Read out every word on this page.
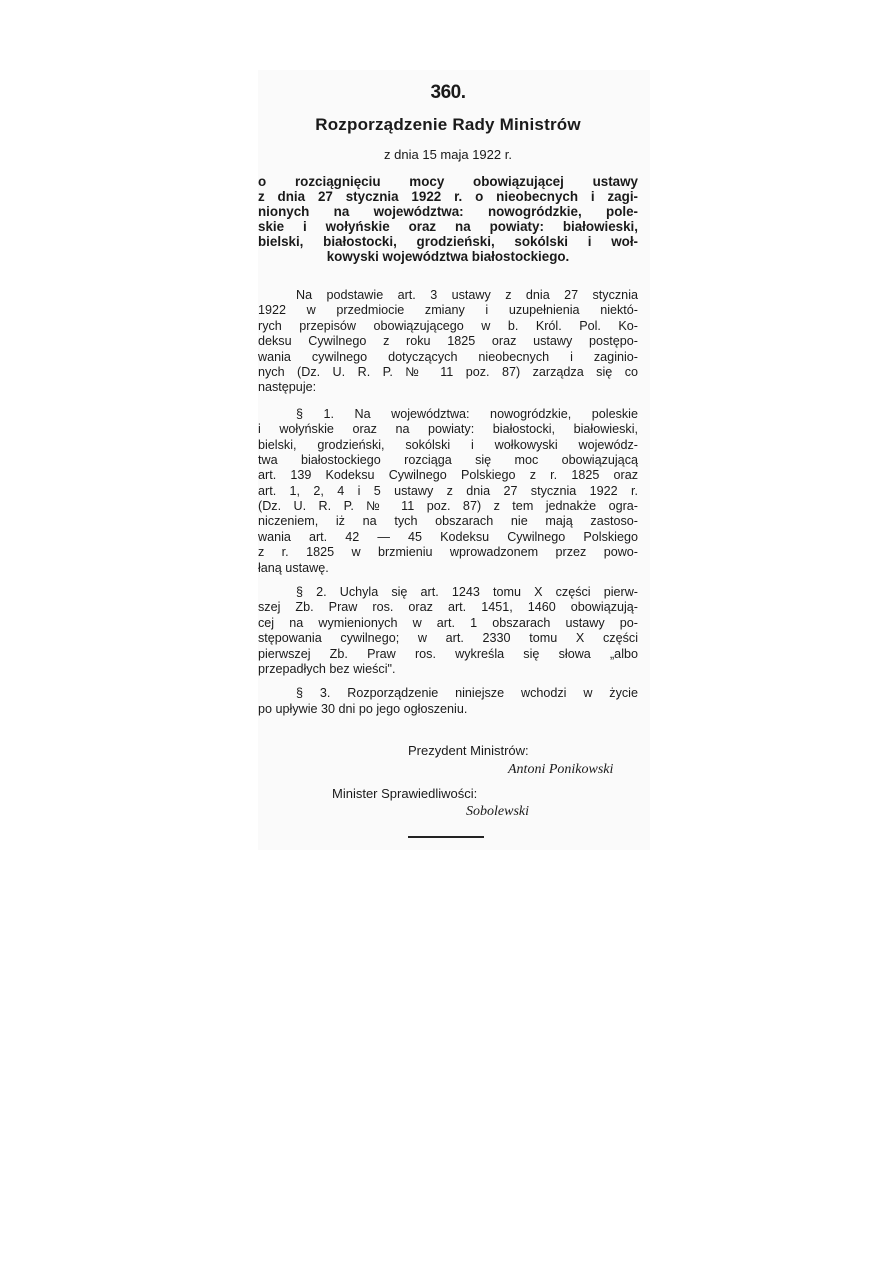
360.
Rozporządzenie Rady Ministrów
z dnia 15 maja 1922 r.
o rozciągnięciu mocy obowiązującej ustawy
z dnia 27 stycznia 1922 r. o nieobecnych i zagi-
nionych na województwa: nowogródzkie, pole-
skie i wołyńskie oraz na powiaty: białowieski,
bielski, białostocki, grodzieński, sokólski i woł-
kowyski województwa białostockiego.
Na podstawie art. 3 ustawy z dnia 27 stycznia
1922 w przedmiocie zmiany i uzupełnienia niektó-
rych przepisów obowiązującego w b. Król. Pol. Ko-
deksu Cywilnego z roku 1825 oraz ustawy postępo-
wania cywilnego dotyczących nieobecnych i zaginio-
nych (Dz. U. R. P. № 11 poz. 87) zarządza się co
następuje:
§ 1. Na województwa: nowogródzkie, poleskie
i wołyńskie oraz na powiaty: białostocki, białowieski,
bielski, grodzieński, sokólski i wołkowyski wojewódz-
twa białostockiego rozciąga się moc obowiązującą
art. 139 Kodeksu Cywilnego Polskiego z r. 1825 oraz
art. 1, 2, 4 i 5 ustawy z dnia 27 stycznia 1922 r.
(Dz. U. R. P. № 11 poz. 87) z tem jednakże ogra-
niczeniem, iż na tych obszarach nie mają zastoso-
wania art. 42 — 45 Kodeksu Cywilnego Polskiego
z r. 1825 w brzmieniu wprowadzonem przez powo-
łaną ustawę.
§ 2. Uchyla się art. 1243 tomu X części pierw-
szej Zb. Praw ros. oraz art. 1451, 1460 obowiązują-
cej na wymienionych w art. 1 obszarach ustawy po-
stępowania cywilnego; w art. 2330 tomu X części
pierwszej Zb. Praw ros. wykreśla się słowa „albo
przepadłych bez wieści".
§ 3. Rozporządzenie niniejsze wchodzi w życie
po upływie 30 dni po jego ogłoszeniu.
Prezydent Ministrów:
Antoni Ponikowski
Minister Sprawiedliwości:
Sobolewski
